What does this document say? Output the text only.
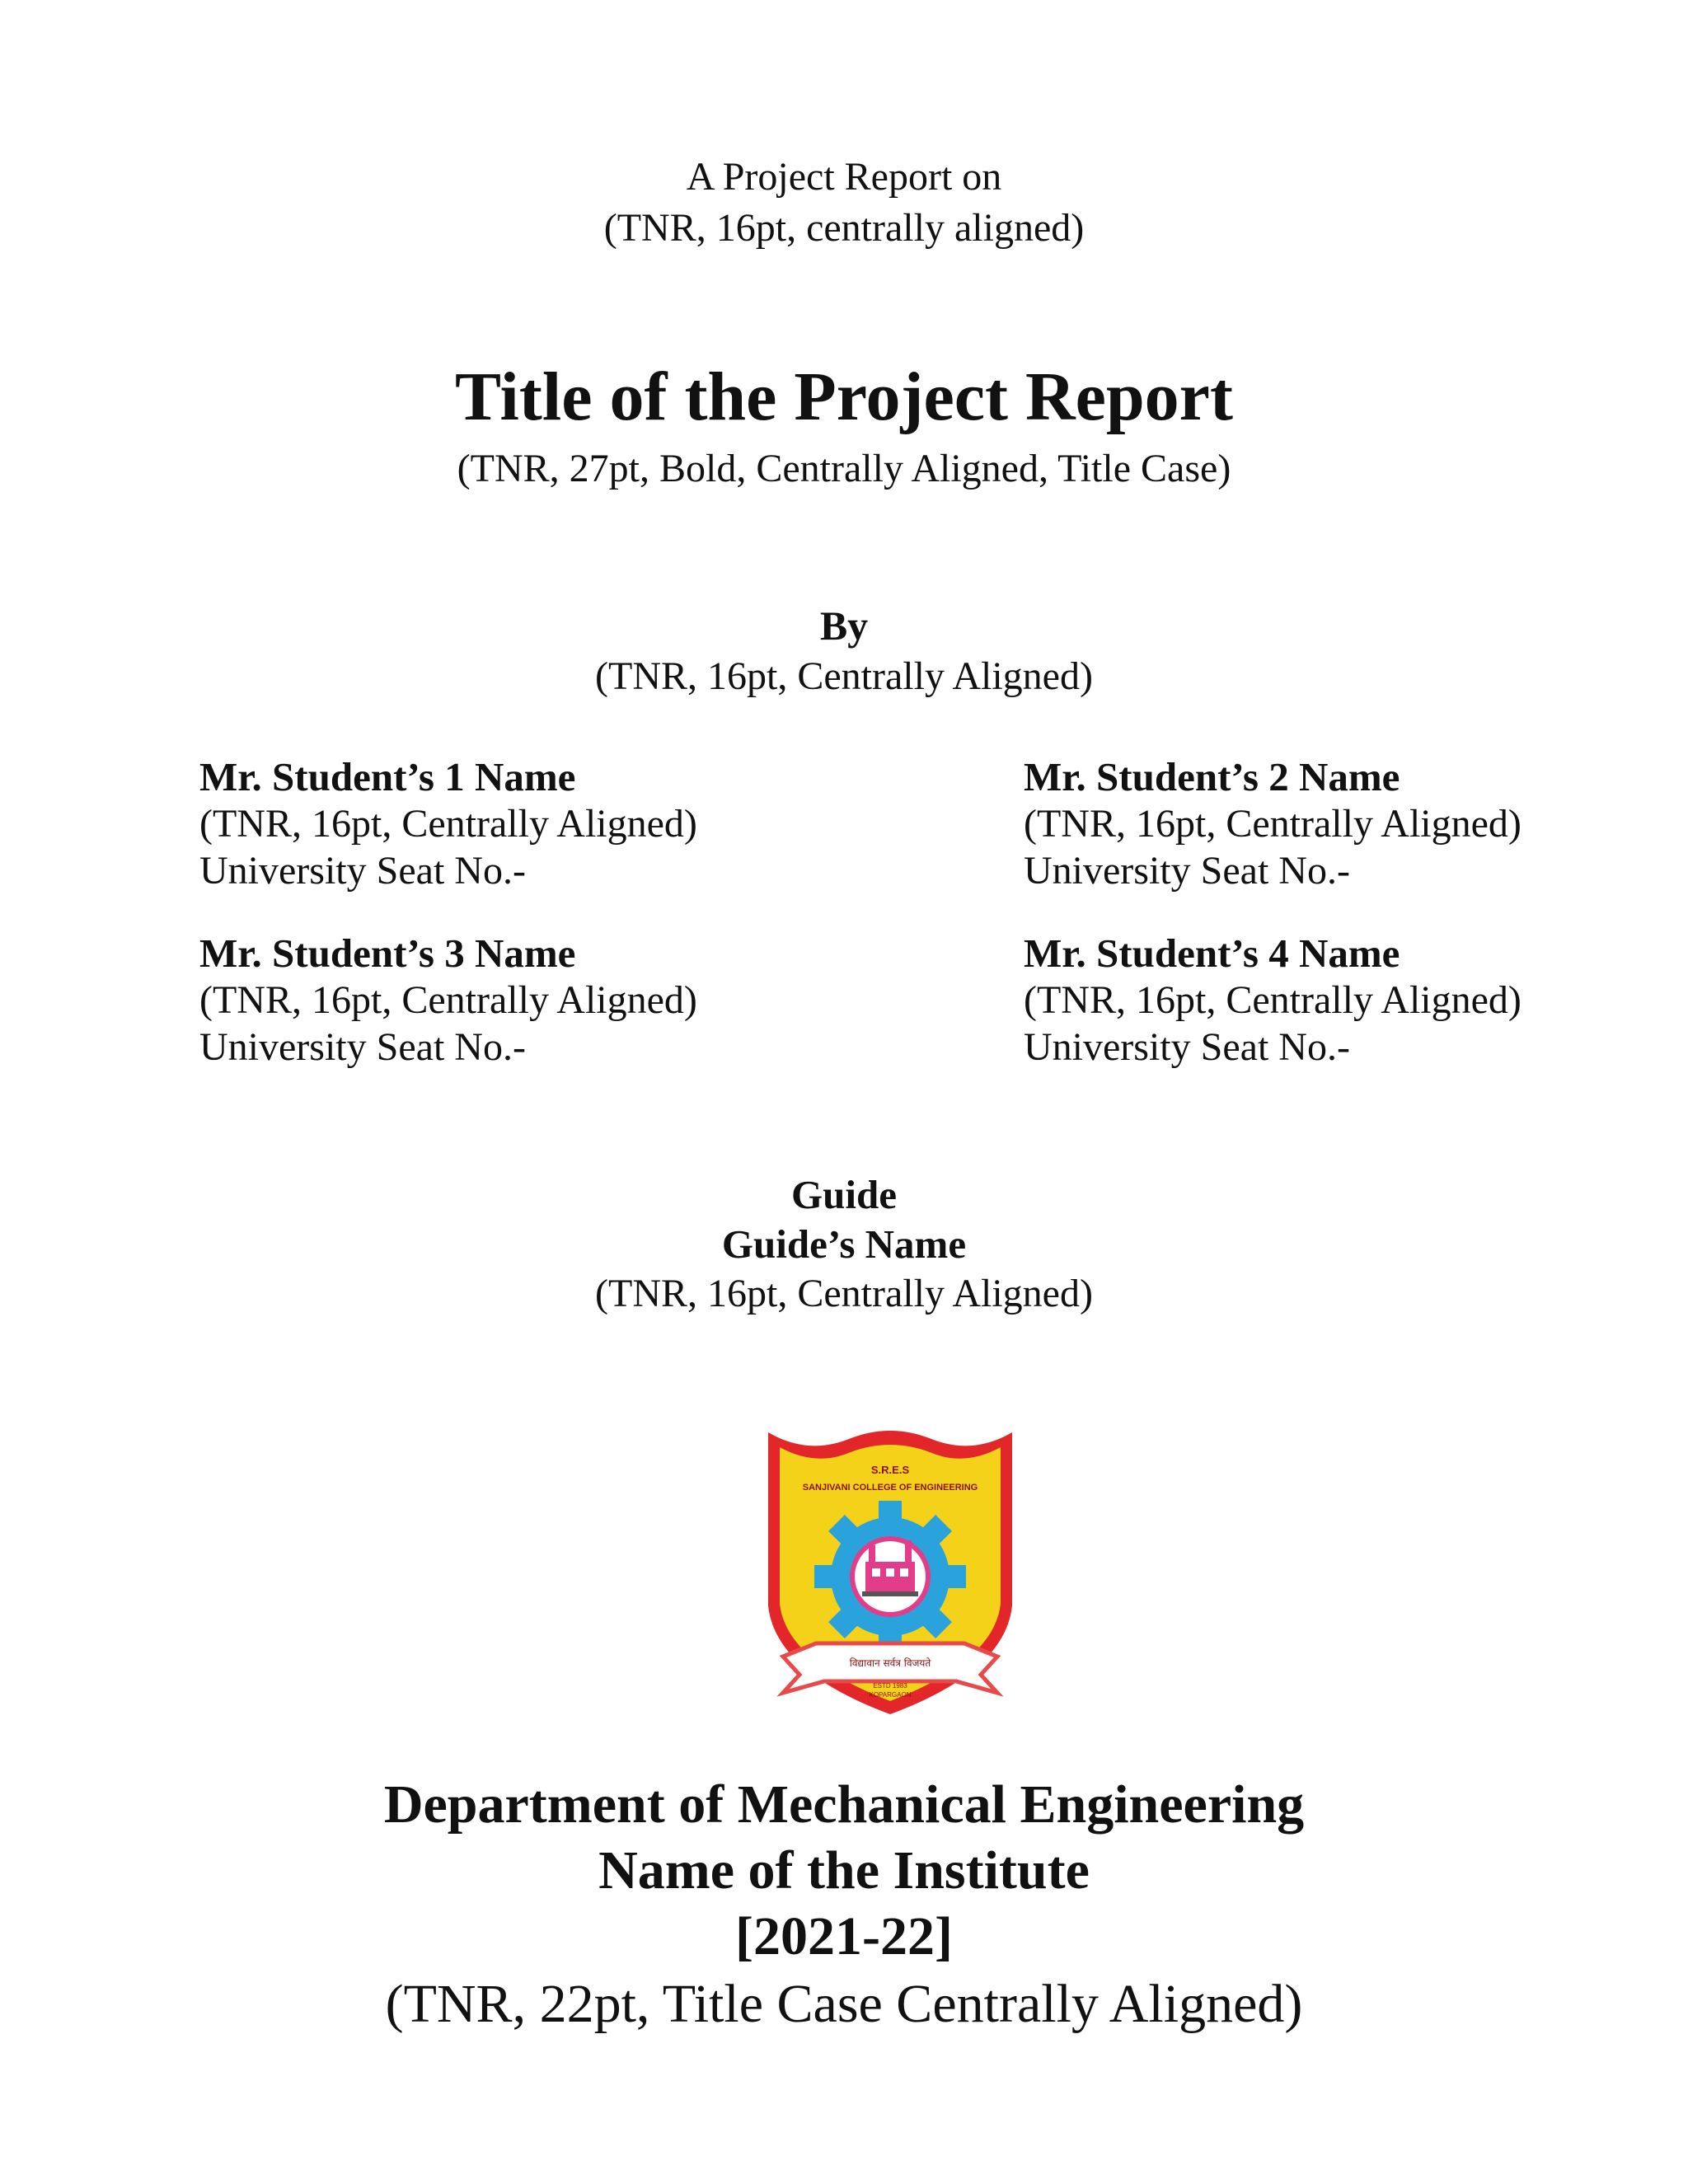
A Project Report on
(TNR, 16pt, centrally aligned)
Title of the Project Report
(TNR, 27pt, Bold, Centrally Aligned, Title Case)
By
(TNR, 16pt, Centrally Aligned)
Mr. Student’s 1 Name
(TNR, 16pt, Centrally Aligned)
University Seat No.-
Mr. Student’s 2 Name
(TNR, 16pt, Centrally Aligned)
University Seat No.-
Mr. Student’s 3 Name
(TNR, 16pt, Centrally Aligned)
University Seat No.-
Mr. Student’s 4 Name
(TNR, 16pt, Centrally Aligned)
University Seat No.-
Guide
Guide’s Name
(TNR, 16pt, Centrally Aligned)
S.R.E.S
SANJIVANI COLLEGE OF ENGINEERING
विद्यावान सर्वत्र विजयते
ESTD 1983
KOPARGAON
Department of Mechanical Engineering
Name of the Institute
[2021-22]
(TNR, 22pt, Title Case Centrally Aligned)
